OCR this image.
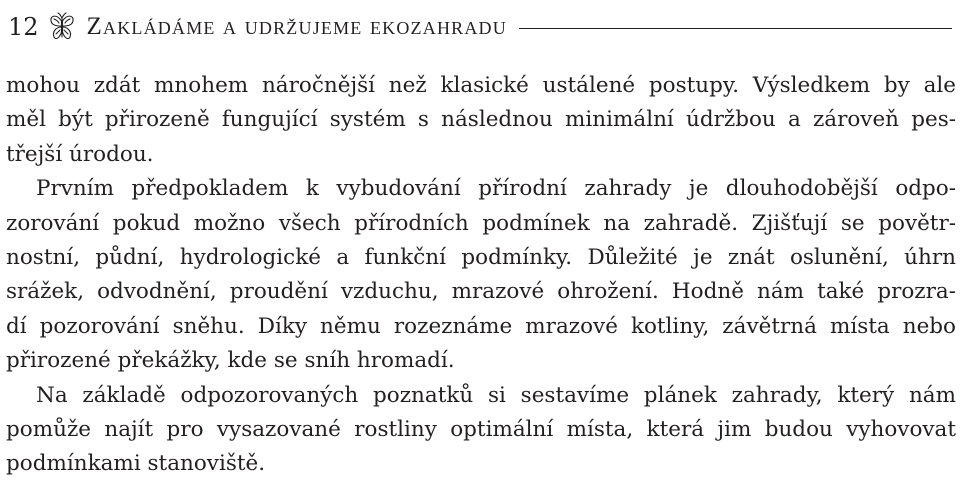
12 Zakládáme a udržujeme ekozahradu
mohou zdát mnohem náročnější než klasické ustálené postupy. Výsledkem by ale
měl být přirozeně fungující systém s následnou minimální údržbou a zároveň pes-
třejší úrodou.
Prvním předpokladem k vybudování přírodní zahrady je dlouhodobější odpo-
zorování pokud možno všech přírodních podmínek na zahradě. Zjišťují se povětr-
nostní, půdní, hydrologické a funkční podmínky. Důležité je znát oslunění, úhrn
srážek, odvodnění, proudění vzduchu, mrazové ohrožení. Hodně nám také prozra-
dí pozorování sněhu. Díky němu rozeznáme mrazové kotliny, závětrná místa nebo
přirozené překážky, kde se sníh hromadí.
Na základě odpozorovaných poznatků si sestavíme plánek zahrady, který nám
pomůže najít pro vysazované rostliny optimální místa, která jim budou vyhovovat
podmínkami stanoviště.
